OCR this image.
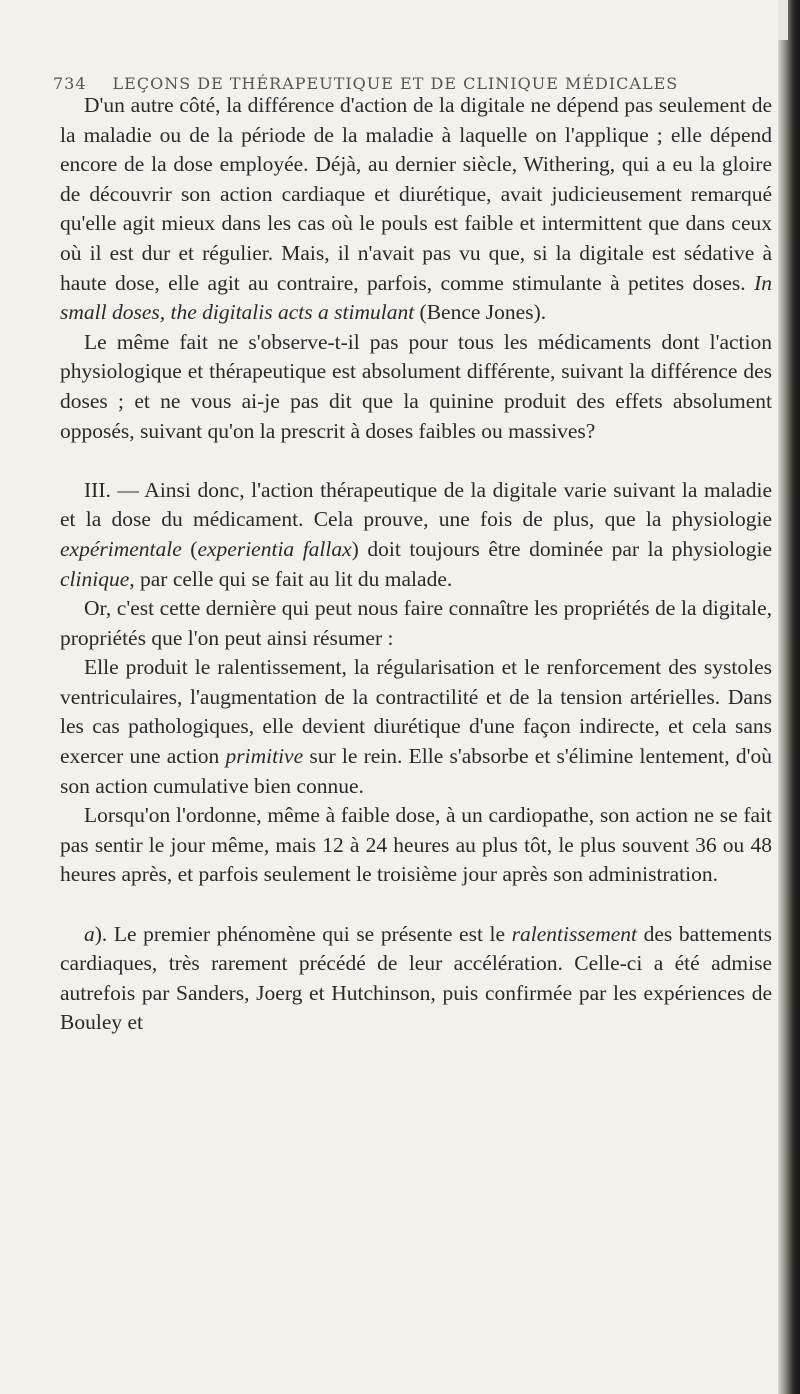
734 LEÇONS DE THÉRAPEUTIQUE ET DE CLINIQUE MÉDICALES

D'un autre côté, la différence d'action de la digitale ne dépend pas seulement de la maladie ou de la période de la maladie à laquelle on l'applique ; elle dépend encore de la dose employée. Déjà, au dernier siècle, Withering, qui a eu la gloire de découvrir son action cardiaque et diurétique, avait judicieusement remarqué qu'elle agit mieux dans les cas où le pouls est faible et intermittent que dans ceux où il est dur et régulier. Mais, il n'avait pas vu que, si la digitale est sédative à haute dose, elle agit au contraire, parfois, comme stimulante à petites doses. In small doses, the digitalis acts a stimulant (Bence Jones).

Le même fait ne s'observe-t-il pas pour tous les médicaments dont l'action physiologique et thérapeutique est absolument différente, suivant la différence des doses ; et ne vous ai-je pas dit que la quinine produit des effets absolument opposés, suivant qu'on la prescrit à doses faibles ou massives?

III. — Ainsi donc, l'action thérapeutique de la digitale varie suivant la maladie et la dose du médicament. Cela prouve, une fois de plus, que la physiologie expérimentale (experientia fallax) doit toujours être dominée par la physiologie clinique, par celle qui se fait au lit du malade.

Or, c'est cette dernière qui peut nous faire connaître les propriétés de la digitale, propriétés que l'on peut ainsi résumer :

Elle produit le ralentissement, la régularisation et le renforcement des systoles ventriculaires, l'augmentation de la contractilité et de la tension artérielles. Dans les cas pathologiques, elle devient diurétique d'une façon indirecte, et cela sans exercer une action primitive sur le rein. Elle s'absorbe et s'élimine lentement, d'où son action cumulative bien connue.

Lorsqu'on l'ordonne, même à faible dose, à un cardiopathe, son action ne se fait pas sentir le jour même, mais 12 à 24 heures au plus tôt, le plus souvent 36 ou 48 heures après, et parfois seulement le troisième jour après son administration.

a). Le premier phénomène qui se présente est le ralentissement des battements cardiaques, très rarement précédé de leur accélération. Celle-ci a été admise autrefois par Sanders, Joerg et Hutchinson, puis confirmée par les expériences de Bouley et
